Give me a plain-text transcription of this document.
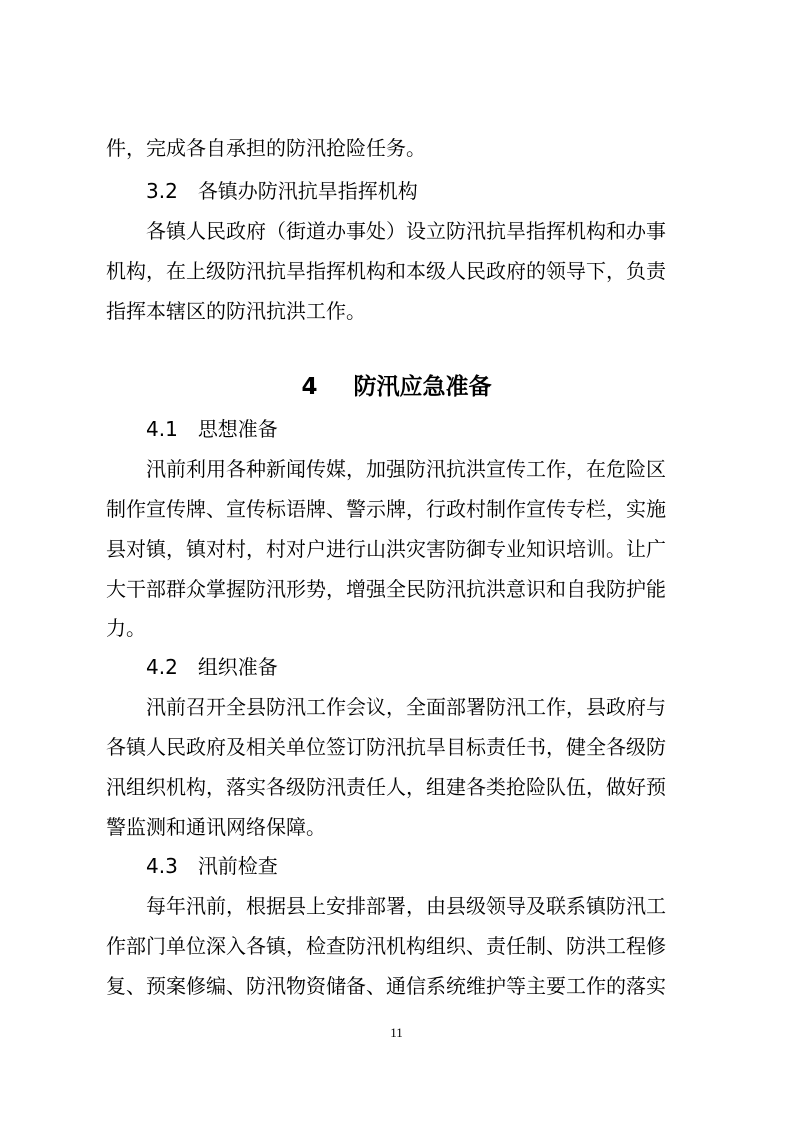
件，完成各自承担的防汛抢险任务。
3.2 各镇办防汛抗旱指挥机构
各镇人民政府（街道办事处）设立防汛抗旱指挥机构和办事
机构，在上级防汛抗旱指挥机构和本级人民政府的领导下，负责
指挥本辖区的防汛抗洪工作。
4 防汛应急准备
4.1 思想准备
汛前利用各种新闻传媒，加强防汛抗洪宣传工作，在危险区
制作宣传牌、宣传标语牌、警示牌，行政村制作宣传专栏，实施
县对镇，镇对村，村对户进行山洪灾害防御专业知识培训。让广
大干部群众掌握防汛形势，增强全民防汛抗洪意识和自我防护能
力。
4.2 组织准备
汛前召开全县防汛工作会议，全面部署防汛工作，县政府与
各镇人民政府及相关单位签订防汛抗旱目标责任书，健全各级防
汛组织机构，落实各级防汛责任人，组建各类抢险队伍，做好预
警监测和通讯网络保障。
4.3 汛前检查
每年汛前，根据县上安排部署，由县级领导及联系镇防汛工
作部门单位深入各镇，检查防汛机构组织、责任制、防洪工程修
复、预案修编、防汛物资储备、通信系统维护等主要工作的落实
11
